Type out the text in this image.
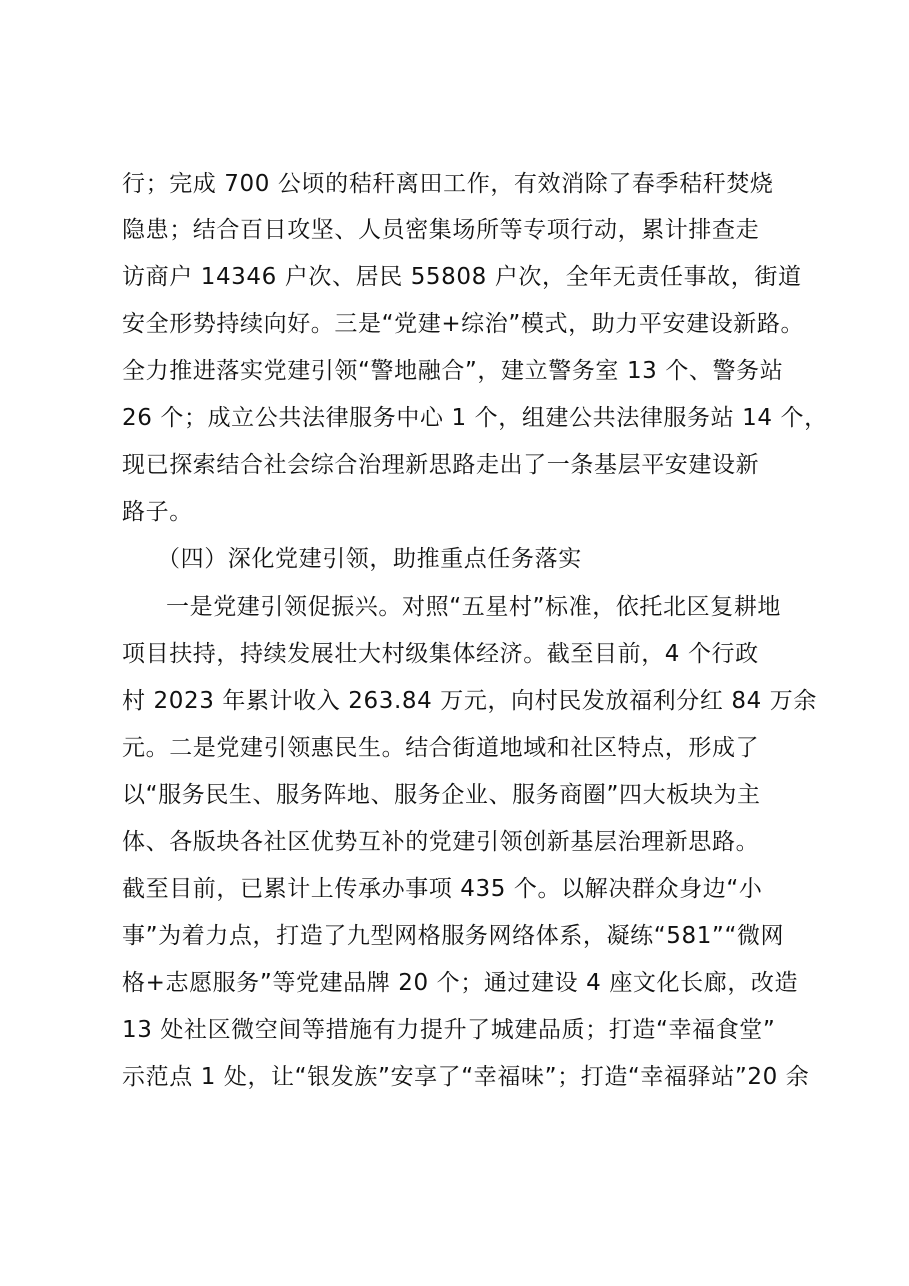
行；完成 700 公顷的秸秆离田工作，有效消除了春季秸秆焚烧
隐患；结合百日攻坚、人员密集场所等专项行动，累计排查走
访商户 14346 户次、居民 55808 户次，全年无责任事故，街道
安全形势持续向好。三是“党建+综治”模式，助力平安建设新路。
全力推进落实党建引领“警地融合”，建立警务室 13 个、警务站
26 个；成立公共法律服务中心 1 个，组建公共法律服务站 14 个，
现已探索结合社会综合治理新思路走出了一条基层平安建设新
路子。
（四）深化党建引领，助推重点任务落实
一是党建引领促振兴。对照“五星村”标准，依托北区复耕地
项目扶持，持续发展壮大村级集体经济。截至目前，4 个行政
村 2023 年累计收入 263.84 万元，向村民发放福利分红 84 万余
元。二是党建引领惠民生。结合街道地域和社区特点，形成了
以“服务民生、服务阵地、服务企业、服务商圈”四大板块为主
体、各版块各社区优势互补的党建引领创新基层治理新思路。
截至目前，已累计上传承办事项 435 个。以解决群众身边“小
事”为着力点，打造了九型网格服务网络体系，凝练“581”“微网
格+志愿服务”等党建品牌 20 个；通过建设 4 座文化长廊，改造
13 处社区微空间等措施有力提升了城建品质；打造“幸福食堂”
示范点 1 处，让“银发族”安享了“幸福味”；打造“幸福驿站”20 余
